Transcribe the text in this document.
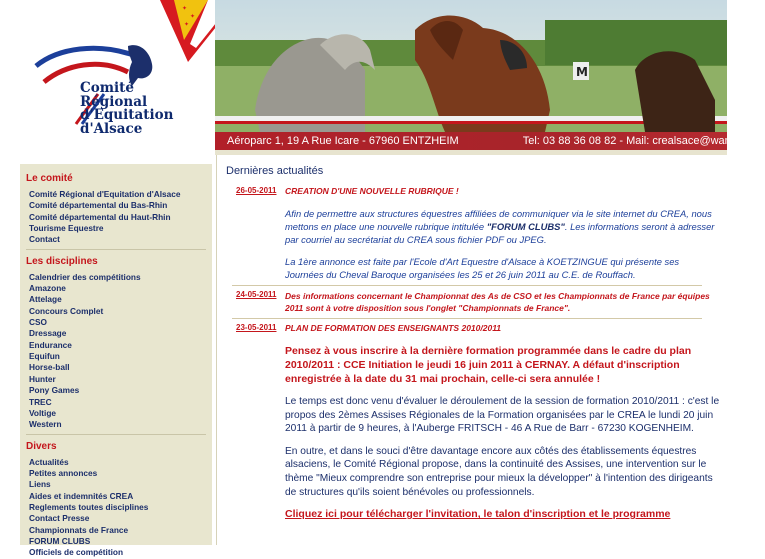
✦
✦
✦
Comité
Régional
d'Equitation
d'Alsace
M
Aéroparc 1, 19 A Rue Icare - 67960 ENTZHEIM	Tel: 03 88 36 08 82 - Mail: crealsace@wanadoo.fr
Le comité
Comité Régional d'Equitation d'Alsace
Comité départemental du Bas-Rhin
Comité départemental du Haut-Rhin
Tourisme Equestre
Contact
Les disciplines
Calendrier des compétitions
Amazone
Attelage
Concours Complet
CSO
Dressage
Endurance
Equifun
Horse-ball
Hunter
Pony Games
TREC
Voltige
Western
Divers
Actualités
Petites annonces
Liens
Aides et indemnités CREA
Reglements toutes disciplines
Contact Presse
Championnats de France
FORUM CLUBS
Officiels de compétition
Dernières actualités
26-05-2011 CREATION D'UNE NOUVELLE RUBRIQUE !

Afin de permettre aux structures équestres affiliées de communiquer via le site internet du CREA, nous mettons en place une nouvelle rubrique intitulée "FORUM CLUBS". Les informations seront à adresser par courriel au secrétariat du CREA sous fichier PDF ou JPEG.

La 1ère annonce est faite par l'Ecole d'Art Equestre d'Alsace à KOETZINGUE qui présente ses Journées du Cheval Baroque organisées les 25 et 26 juin 2011 au C.E. de Rouffach.

24-05-2011 Des informations concernant le Championnat des As de CSO et les Championnats de France par équipes 2011 sont à votre disposition sous l'onglet "Championnats de France".
23-05-2011 PLAN DE FORMATION DES ENSEIGNANTS 2010/2011

Pensez à vous inscrire à la dernière formation programmée dans le cadre du plan 2010/2011 : CCE Initiation le jeudi 16 juin 2011 à CERNAY. A défaut d'inscription enregistrée à la date du 31 mai prochain, celle-ci sera annulée !

Le temps est donc venu d'évaluer le déroulement de la session de formation 2010/2011 : c'est le propos des 2èmes Assises Régionales de la Formation organisées par le CREA le lundi 20 juin 2011 à partir de 9 heures, à l'Auberge FRITSCH - 46 A Rue de Barr - 67230 KOGENHEIM.

En outre, et dans le souci d'être davantage encore aux côtés des établissements équestres alsaciens, le Comité Régional propose, dans la continuité des Assises, une intervention sur le thème "Mieux comprendre son entreprise pour mieux la développer" à l'intention des dirigeants de structures qu'ils soient bénévoles ou professionnels.

Cliquez ici pour télécharger l'invitation, le talon d'inscription et le programme
